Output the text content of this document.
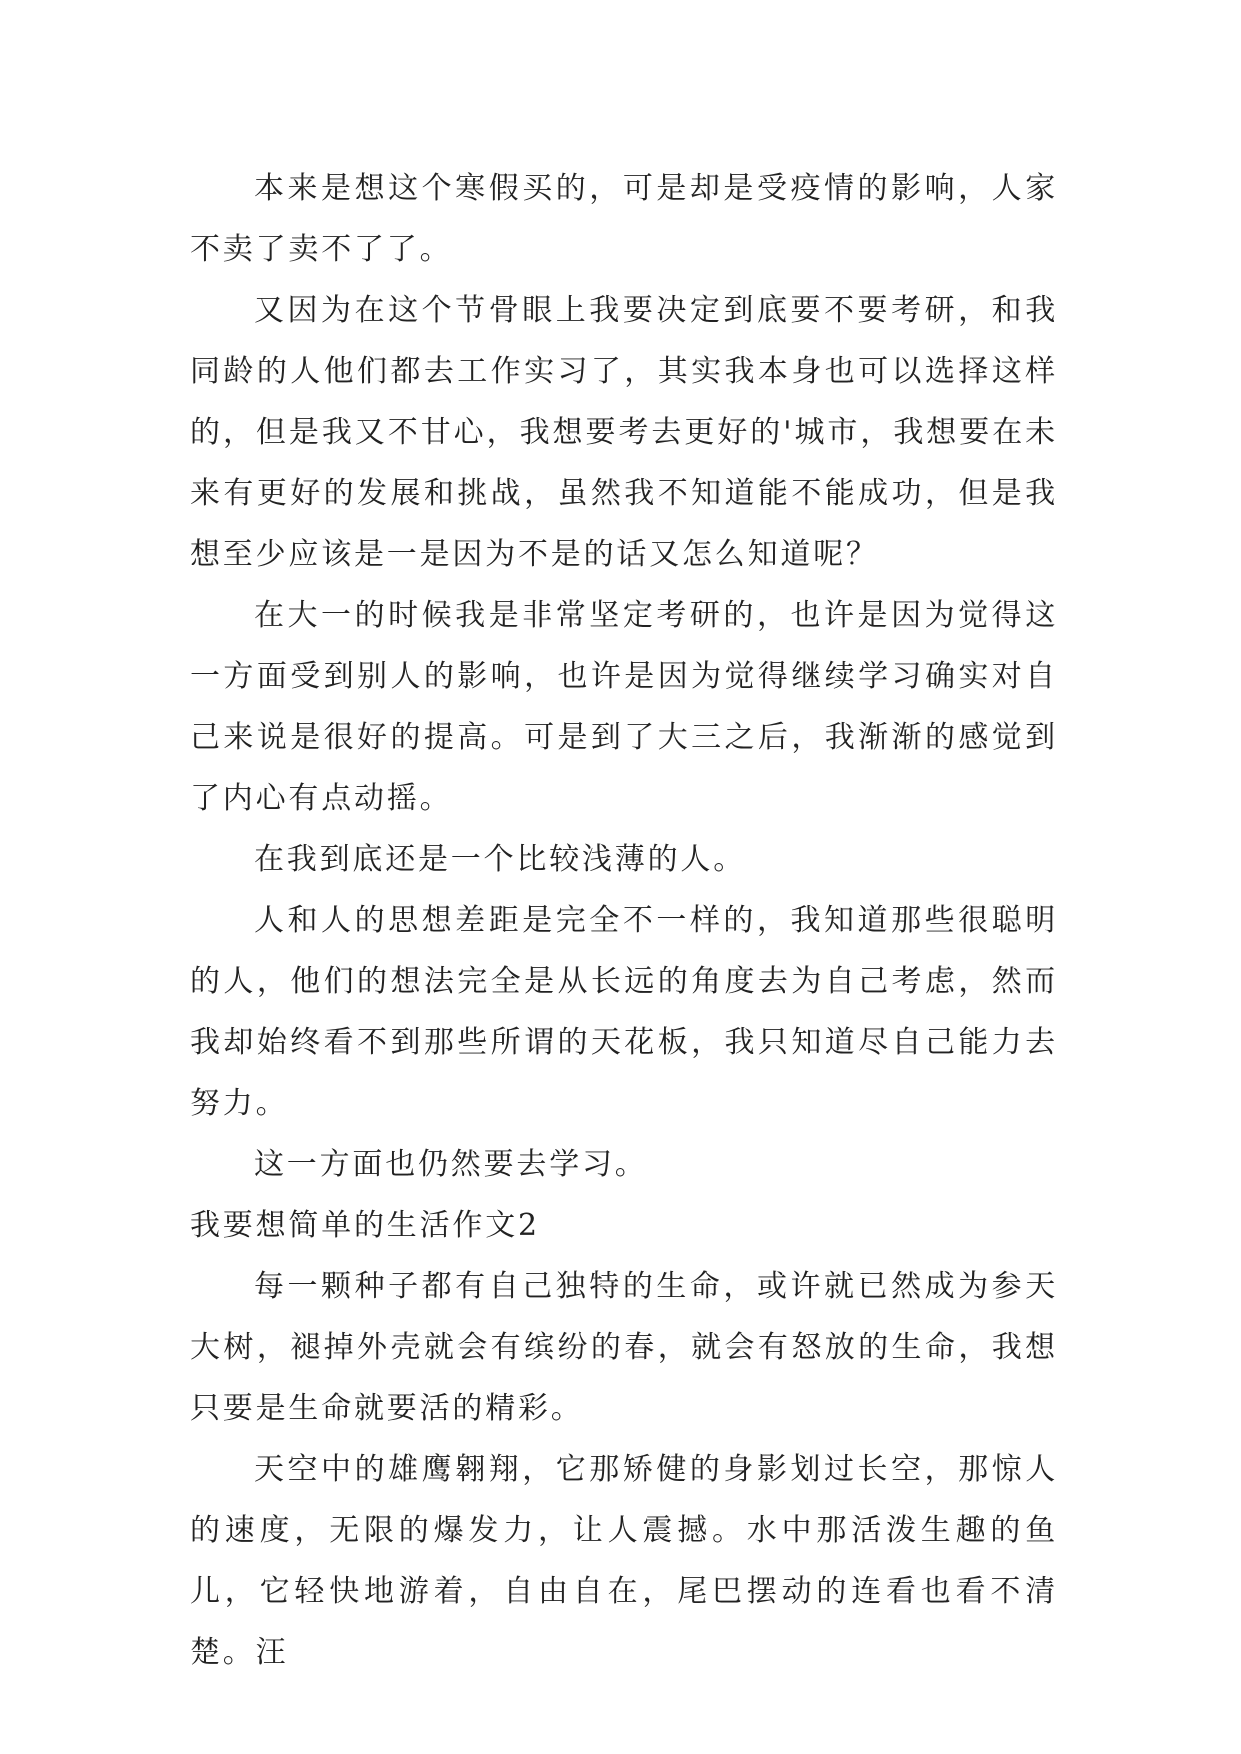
本来是想这个寒假买的，可是却是受疫情的影响，人家不卖了卖不了了。

又因为在这个节骨眼上我要决定到底要不要考研，和我同龄的人他们都去工作实习了，其实我本身也可以选择这样的，但是我又不甘心，我想要考去更好的'城市，我想要在未来有更好的发展和挑战，虽然我不知道能不能成功，但是我想至少应该是一是因为不是的话又怎么知道呢？

在大一的时候我是非常坚定考研的，也许是因为觉得这一方面受到别人的影响，也许是因为觉得继续学习确实对自己来说是很好的提高。可是到了大三之后，我渐渐的感觉到了内心有点动摇。

在我到底还是一个比较浅薄的人。

人和人的思想差距是完全不一样的，我知道那些很聪明的人，他们的想法完全是从长远的角度去为自己考虑，然而我却始终看不到那些所谓的天花板，我只知道尽自己能力去努力。

这一方面也仍然要去学习。

我要想简单的生活作文2

每一颗种子都有自己独特的生命，或许就已然成为参天大树，褪掉外壳就会有缤纷的春，就会有怒放的生命，我想只要是生命就要活的精彩。

天空中的雄鹰翱翔，它那矫健的身影划过长空，那惊人的速度，无限的爆发力，让人震撼。水中那活泼生趣的鱼儿，它轻快地游着，自由自在，尾巴摆动的连看也看不清楚。汪
